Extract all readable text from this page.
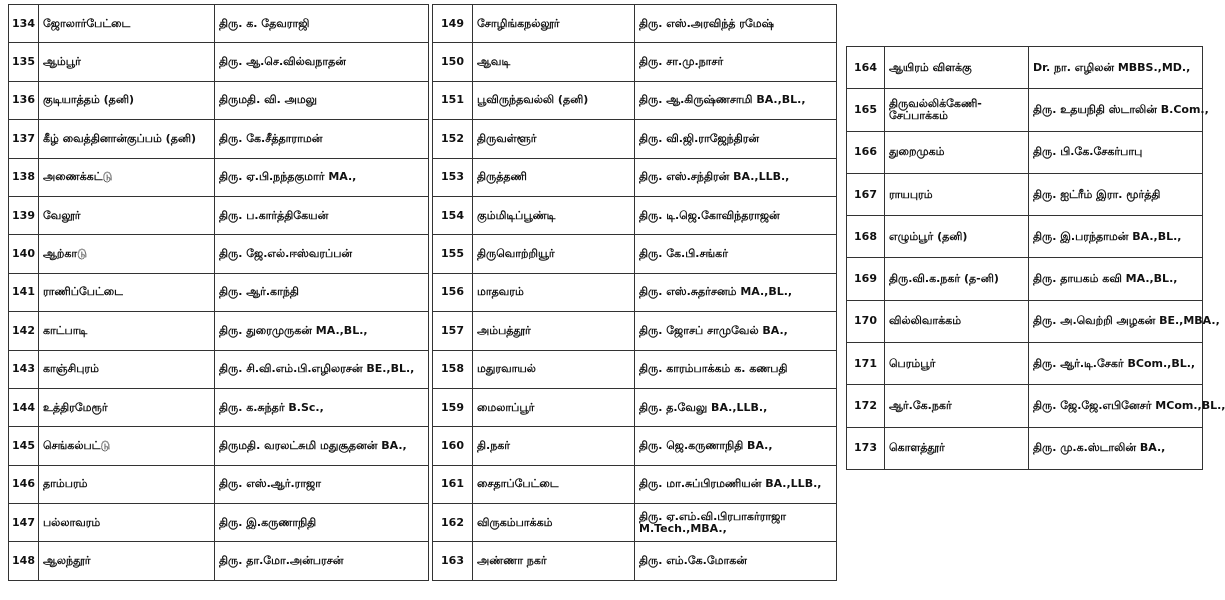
134	ஜோலார்பேட்டை	திரு. க. தேவராஜி
135	ஆம்பூர்	திரு. ஆ.செ.வில்வநாதன்
136	குடியாத்தம் (தனி)	திருமதி. வி. அமலு
137	கீழ் வைத்தினான்குப்பம் (தனி)	திரு. கே.சீத்தாராமன்
138	அணைக்கட்டு	திரு. ஏ.பி.நந்தகுமார் MA.,
139	வேலூர்	திரு. ப.கார்த்திகேயன்
140	ஆற்காடு	திரு. ஜே.எல்.ஈஸ்வரப்பன்
141	ராணிப்பேட்டை	திரு. ஆர்.காந்தி
142	காட்பாடி	திரு. துரைமுருகன் MA.,BL.,
143	காஞ்சிபுரம்	திரு. சி.வி.எம்.பி.எழிலரசன் BE.,BL.,
144	உத்திரமேரூர்	திரு. க.சுந்தர் B.Sc.,
145	செங்கல்பட்டு	திருமதி. வரலட்சுமி மதுசூதனன் BA.,
146	தாம்பரம்	திரு. எஸ்.ஆர்.ராஜா
147	பல்லாவரம்	திரு. இ.கருணாநிதி
148	ஆலந்தூர்	திரு. தா.மோ.அன்பரசன்
149	சோழிங்கநல்லூர்	திரு. எஸ்.அரவிந்த் ரமேஷ்
150	ஆவடி	திரு. சா.மு.நாசர்
151	பூவிருந்தவல்லி (தனி)	திரு. ஆ.கிருஷ்ணசாமி BA.,BL.,
152	திருவள்ளூர்	திரு. வி.ஜி.ராஜேந்திரன்
153	திருத்தணி	திரு. எஸ்.சந்திரன் BA.,LLB.,
154	கும்மிடிப்பூண்டி	திரு. டி.ஜெ.கோவிந்தராஜன்
155	திருவொற்றியூர்	திரு. கே.பி.சங்கர்
156	மாதவரம்	திரு. எஸ்.சுதர்சனம் MA.,BL.,
157	அம்பத்தூர்	திரு. ஜோசப் சாமுவேல் BA.,
158	மதுரவாயல்	திரு. காரம்பாக்கம் க. கணபதி
159	மைலாப்பூர்	திரு. த.வேலு BA.,LLB.,
160	தி.நகர்	திரு. ஜெ.கருணாநிதி BA.,
161	சைதாப்பேட்டை	திரு. மா.சுப்பிரமணியன் BA.,LLB.,
162	விருகம்பாக்கம்	திரு. ஏ.எம்.வி.பிரபாகர்ராஜா M.Tech.,MBA.,
163	அண்ணா நகர்	திரு. எம்.கே.மோகன்
164	ஆயிரம் விளக்கு	Dr. நா. எழிலன் MBBS.,MD.,
165	திருவல்லிக்கேணி-சேப்பாக்கம்	திரு. உதயநிதி ஸ்டாலின் B.Com.,
166	துறைமுகம்	திரு. பி.கே.சேகர்பாபு
167	ராயபுரம்	திரு. ஐட்ரீம் இரா. மூர்த்தி
168	எழும்பூர் (தனி)	திரு. இ.பரந்தாமன் BA.,BL.,
169	திரு.வி.க.நகர் (த-னி)	திரு. தாயகம் கவி MA.,BL.,
170	வில்லிவாக்கம்	திரு. அ.வெற்றி அழகன் BE.,MBA.,
171	பெரம்பூர்	திரு. ஆர்.டி.சேகர் BCom.,BL.,
172	ஆர்.கே.நகர்	திரு. ஜே.ஜே.எபினேசர் MCom.,BL.,
173	கொளத்தூர்	திரு. மு.க.ஸ்டாலின் BA.,
